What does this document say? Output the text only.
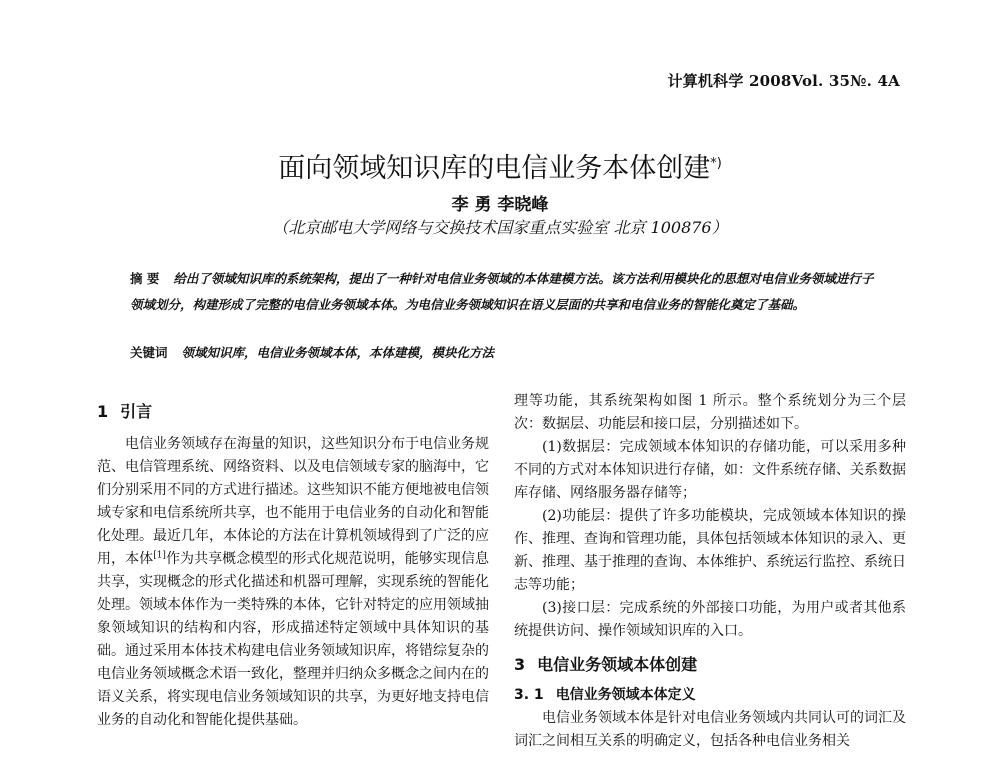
计算机科学 2008Vol. 35№. 4A
面向领域知识库的电信业务本体创建*)
李 勇 李晓峰
（北京邮电大学网络与交换技术国家重点实验室 北京 100876）
摘 要 给出了领域知识库的系统架构，提出了一种针对电信业务领域的本体建模方法。该方法利用模块化的思想对电信业务领域进行子领域划分，构建形成了完整的电信业务领域本体。为电信业务领域知识在语义层面的共享和电信业务的智能化奠定了基础。
关键词 领域知识库，电信业务领域本体，本体建模，模块化方法
1 引言

电信业务领域存在海量的知识，这些知识分布于电信业务规范、电信管理系统、网络资料、以及电信领域专家的脑海中，它们分别采用不同的方式进行描述。这些知识不能方便地被电信领域专家和电信系统所共享，也不能用于电信业务的自动化和智能化处理。最近几年，本体论的方法在计算机领域得到了广泛的应用，本体[1]作为共享概念模型的形式化规范说明，能够实现信息共享，实现概念的形式化描述和机器可理解，实现系统的智能化处理。领域本体作为一类特殊的本体，它针对特定的应用领域抽象领域知识的结构和内容，形成描述特定领域中具体知识的基础。通过采用本体技术构建电信业务领域知识库，将错综复杂的电信业务领域概念术语一致化，整理并归纳众多概念之间内在的语义关系，将实现电信业务领域知识的共享，为更好地支持电信业务的自动化和智能化提供基础。

理等功能，其系统架构如图 1 所示。整个系统划分为三个层次：数据层、功能层和接口层，分别描述如下。

(1)数据层：完成领域本体知识的存储功能，可以采用多种不同的方式对本体知识进行存储，如：文件系统存储、关系数据库存储、网络服务器存储等；

(2)功能层：提供了许多功能模块，完成领域本体知识的操作、推理、查询和管理功能，具体包括领域本体知识的录入、更新、推理、基于推理的查询、本体维护、系统运行监控、系统日志等功能；

(3)接口层：完成系统的外部接口功能，为用户或者其他系统提供访问、操作领域知识库的入口。

3 电信业务领域本体创建
3. 1 电信业务领域本体定义

电信业务领域本体是针对电信业务领域内共同认可的词汇及词汇之间相互关系的明确定义，包括各种电信业务相关
